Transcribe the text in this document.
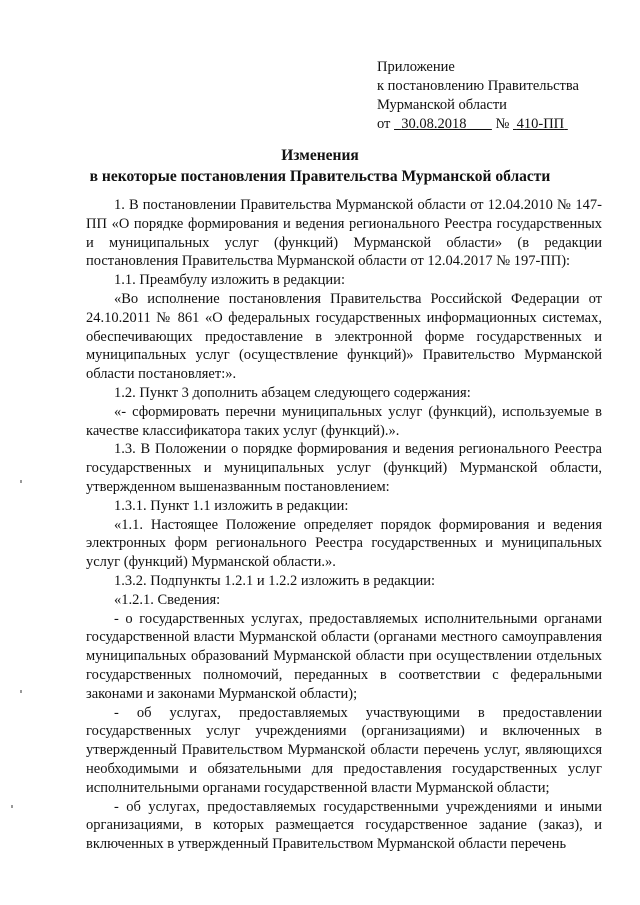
Приложение
к постановлению Правительства
Мурманской области
от 30.08.2018 № 410-ПП
Изменения
в некоторые постановления Правительства Мурманской области

1. В постановлении Правительства Мурманской области от 12.04.2010 № 147-ПП «О порядке формирования и ведения регионального Реестра государственных и муниципальных услуг (функций) Мурманской области» (в редакции постановления Правительства Мурманской области от 12.04.2017 № 197-ПП):

1.1. Преамбулу изложить в редакции:

«Во исполнение постановления Правительства Российской Федерации от 24.10.2011 № 861 «О федеральных государственных информационных системах, обеспечивающих предоставление в электронной форме государственных и муниципальных услуг (осуществление функций)» Правительство Мурманской области постановляет:».

1.2. Пункт 3 дополнить абзацем следующего содержания:

«- сформировать перечни муниципальных услуг (функций), используемые в качестве классификатора таких услуг (функций).».

1.3. В Положении о порядке формирования и ведения регионального Реестра государственных и муниципальных услуг (функций) Мурманской области, утвержденном вышеназванным постановлением:

1.3.1. Пункт 1.1 изложить в редакции:

«1.1. Настоящее Положение определяет порядок формирования и ведения электронных форм регионального Реестра государственных и муниципальных услуг (функций) Мурманской области.».

1.3.2. Подпункты 1.2.1 и 1.2.2 изложить в редакции:

«1.2.1. Сведения:

- о государственных услугах, предоставляемых исполнительными органами государственной власти Мурманской области (органами местного самоуправления муниципальных образований Мурманской области при осуществлении отдельных государственных полномочий, переданных в соответствии с федеральными законами и законами Мурманской области);

- об услугах, предоставляемых участвующими в предоставлении государственных услуг учреждениями (организациями) и включенных в утвержденный Правительством Мурманской области перечень услуг, являющихся необходимыми и обязательными для предоставления государственных услуг исполнительными органами государственной власти Мурманской области;

- об услугах, предоставляемых государственными учреждениями и иными организациями, в которых размещается государственное задание (заказ), и включенных в утвержденный Правительством Мурманской области перечень
